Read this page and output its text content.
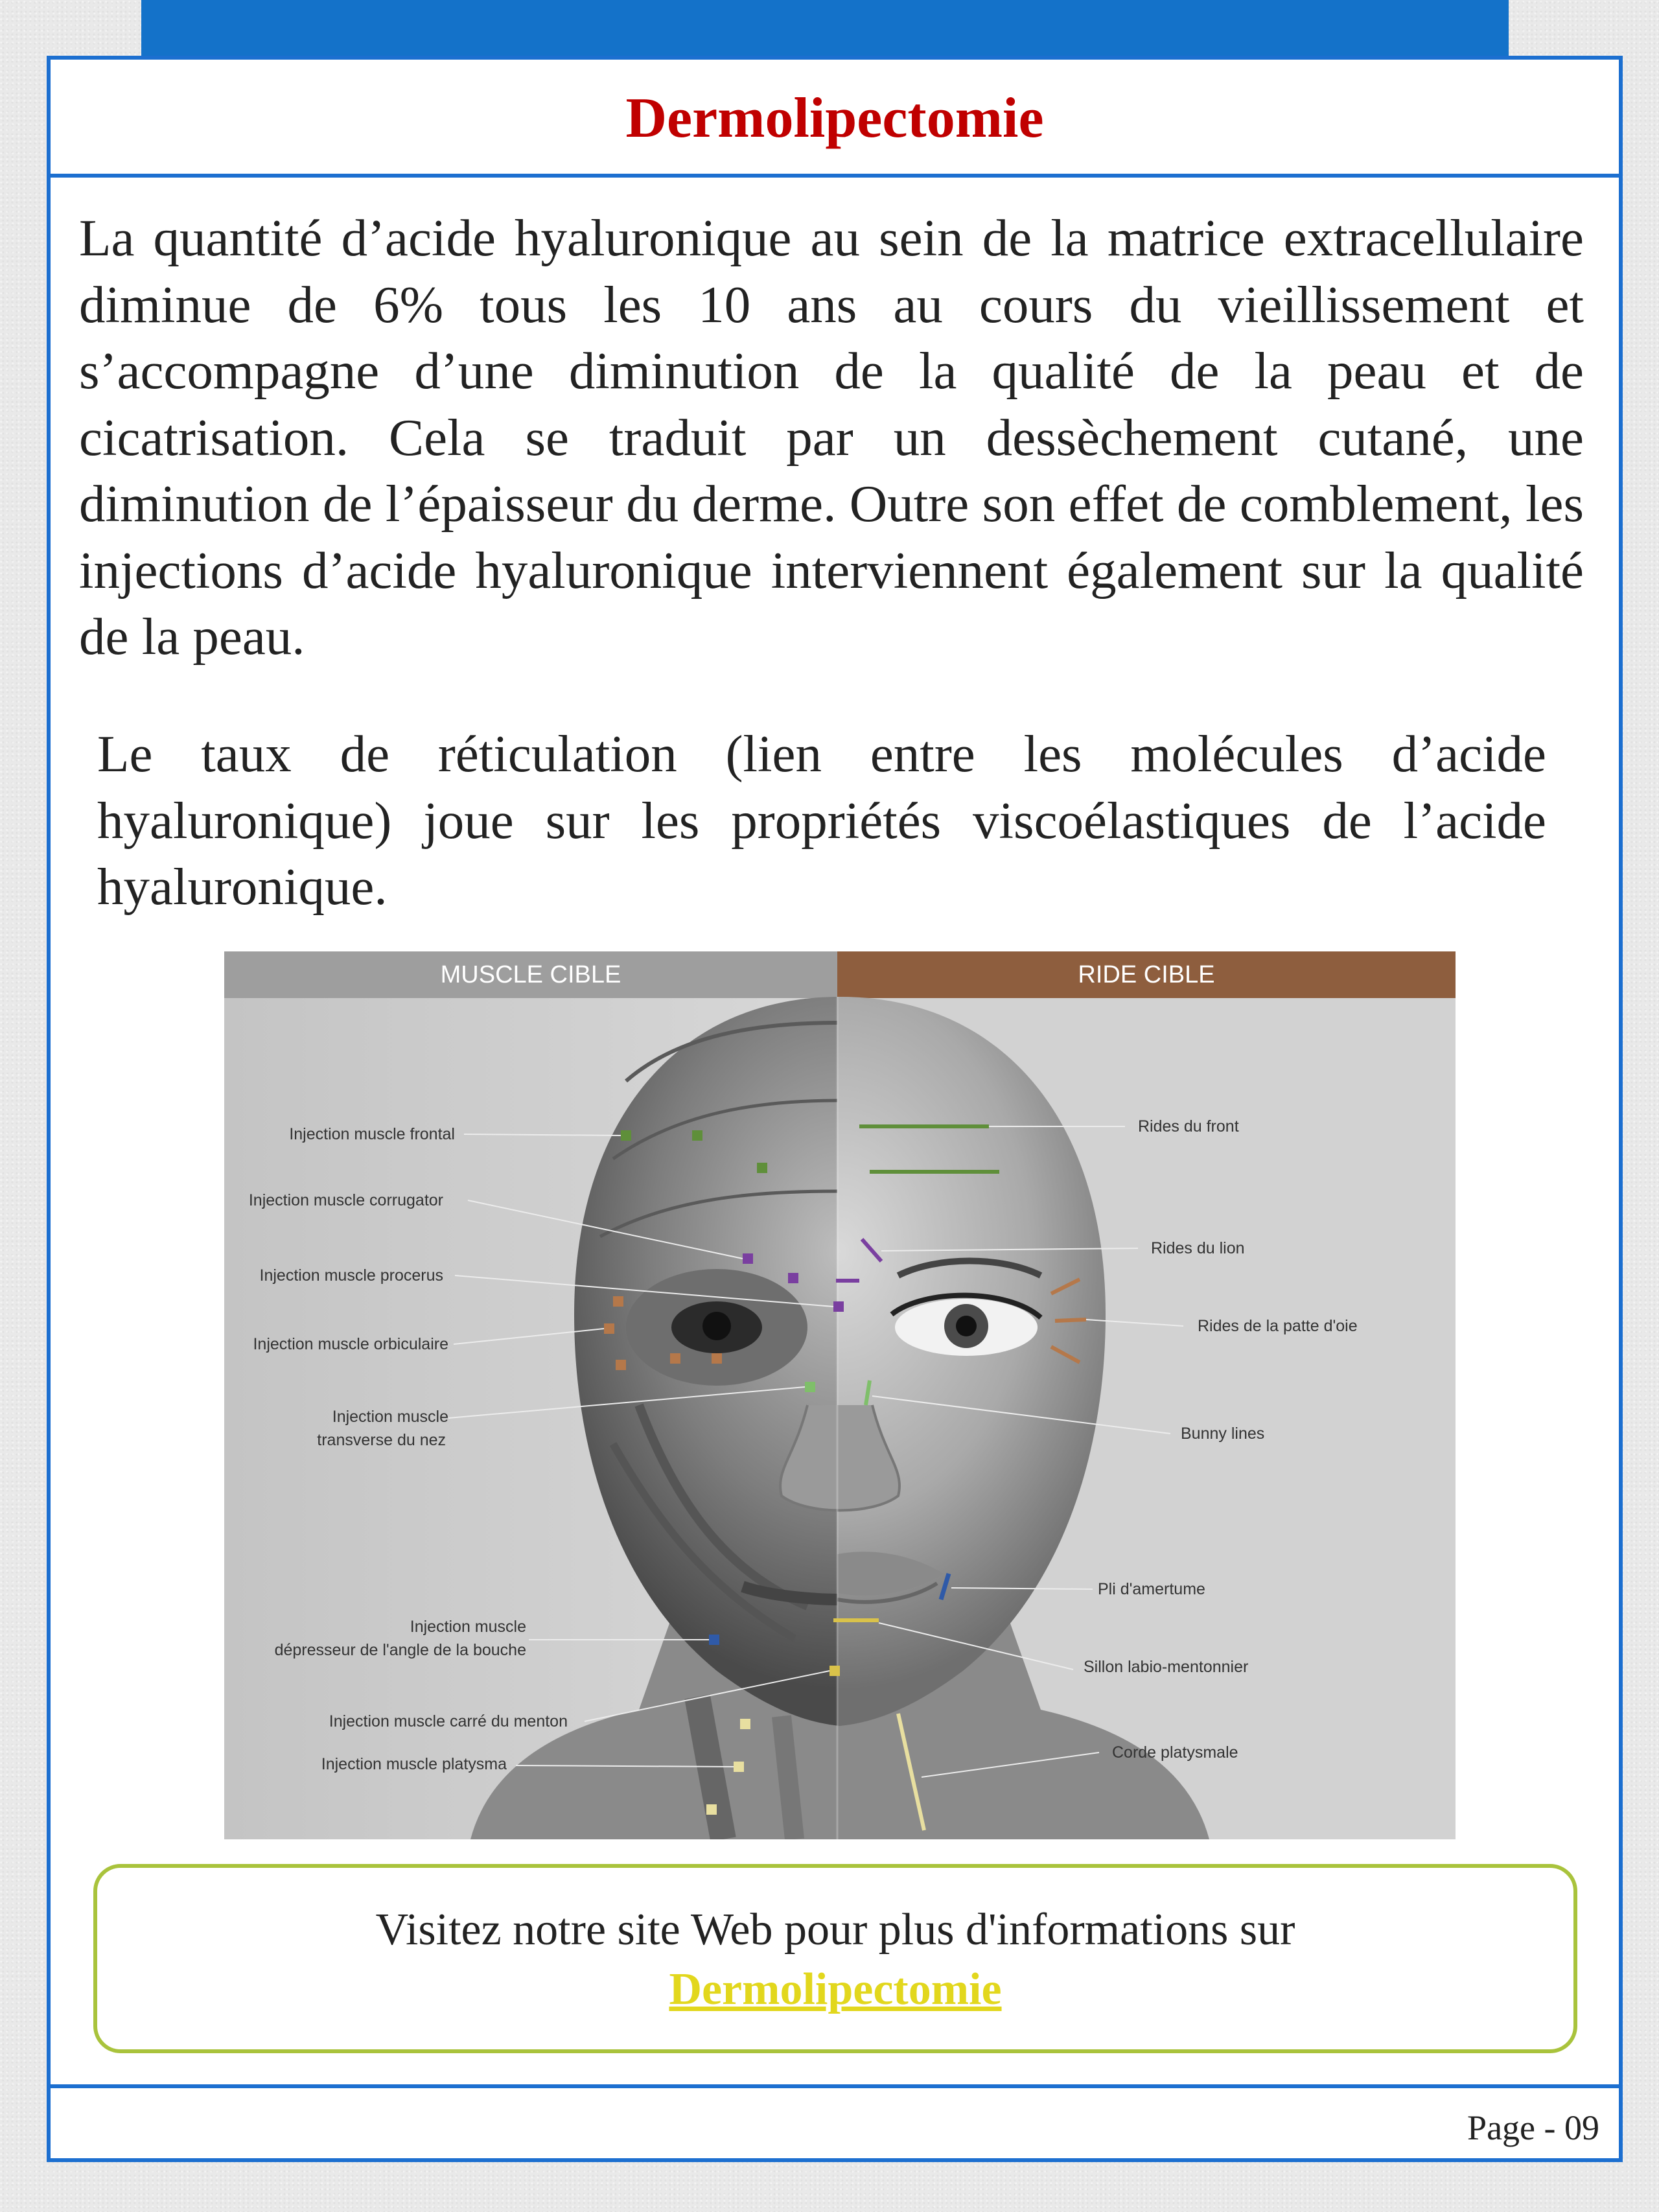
Dermolipectomie
La quantité d’acide hyaluronique au sein de la matrice extracellulaire diminue de 6% tous les 10 ans au cours du vieillissement et s’accompagne d’une diminution de la qualité de la peau et de cicatrisation. Cela se traduit par un dessèchement cutané, une diminution de l’épaisseur du derme. Outre son effet de comblement, les injections d’acide hyaluronique interviennent également sur la qualité de la peau.
Le taux de réticulation (lien entre les molécules d’acide hyaluronique) joue sur les propriétés viscoélastiques de l’acide hyaluronique.
MUSCLE CIBLE	RIDE CIBLE
Injection muscle frontal
Injection muscle corrugator
Injection muscle procerus
Injection muscle orbiculaire
Injection muscle
transverse du nez
Injection muscle
dépresseur de l'angle de la bouche
Injection muscle carré du menton
Injection muscle platysma
Rides du front
Rides du lion
Rides de la patte d'oie
Bunny lines
Pli d'amertume
Sillon labio-mentonnier
Corde platysmale
Visitez notre site Web pour plus d'informations sur
Dermolipectomie
Page - 09
